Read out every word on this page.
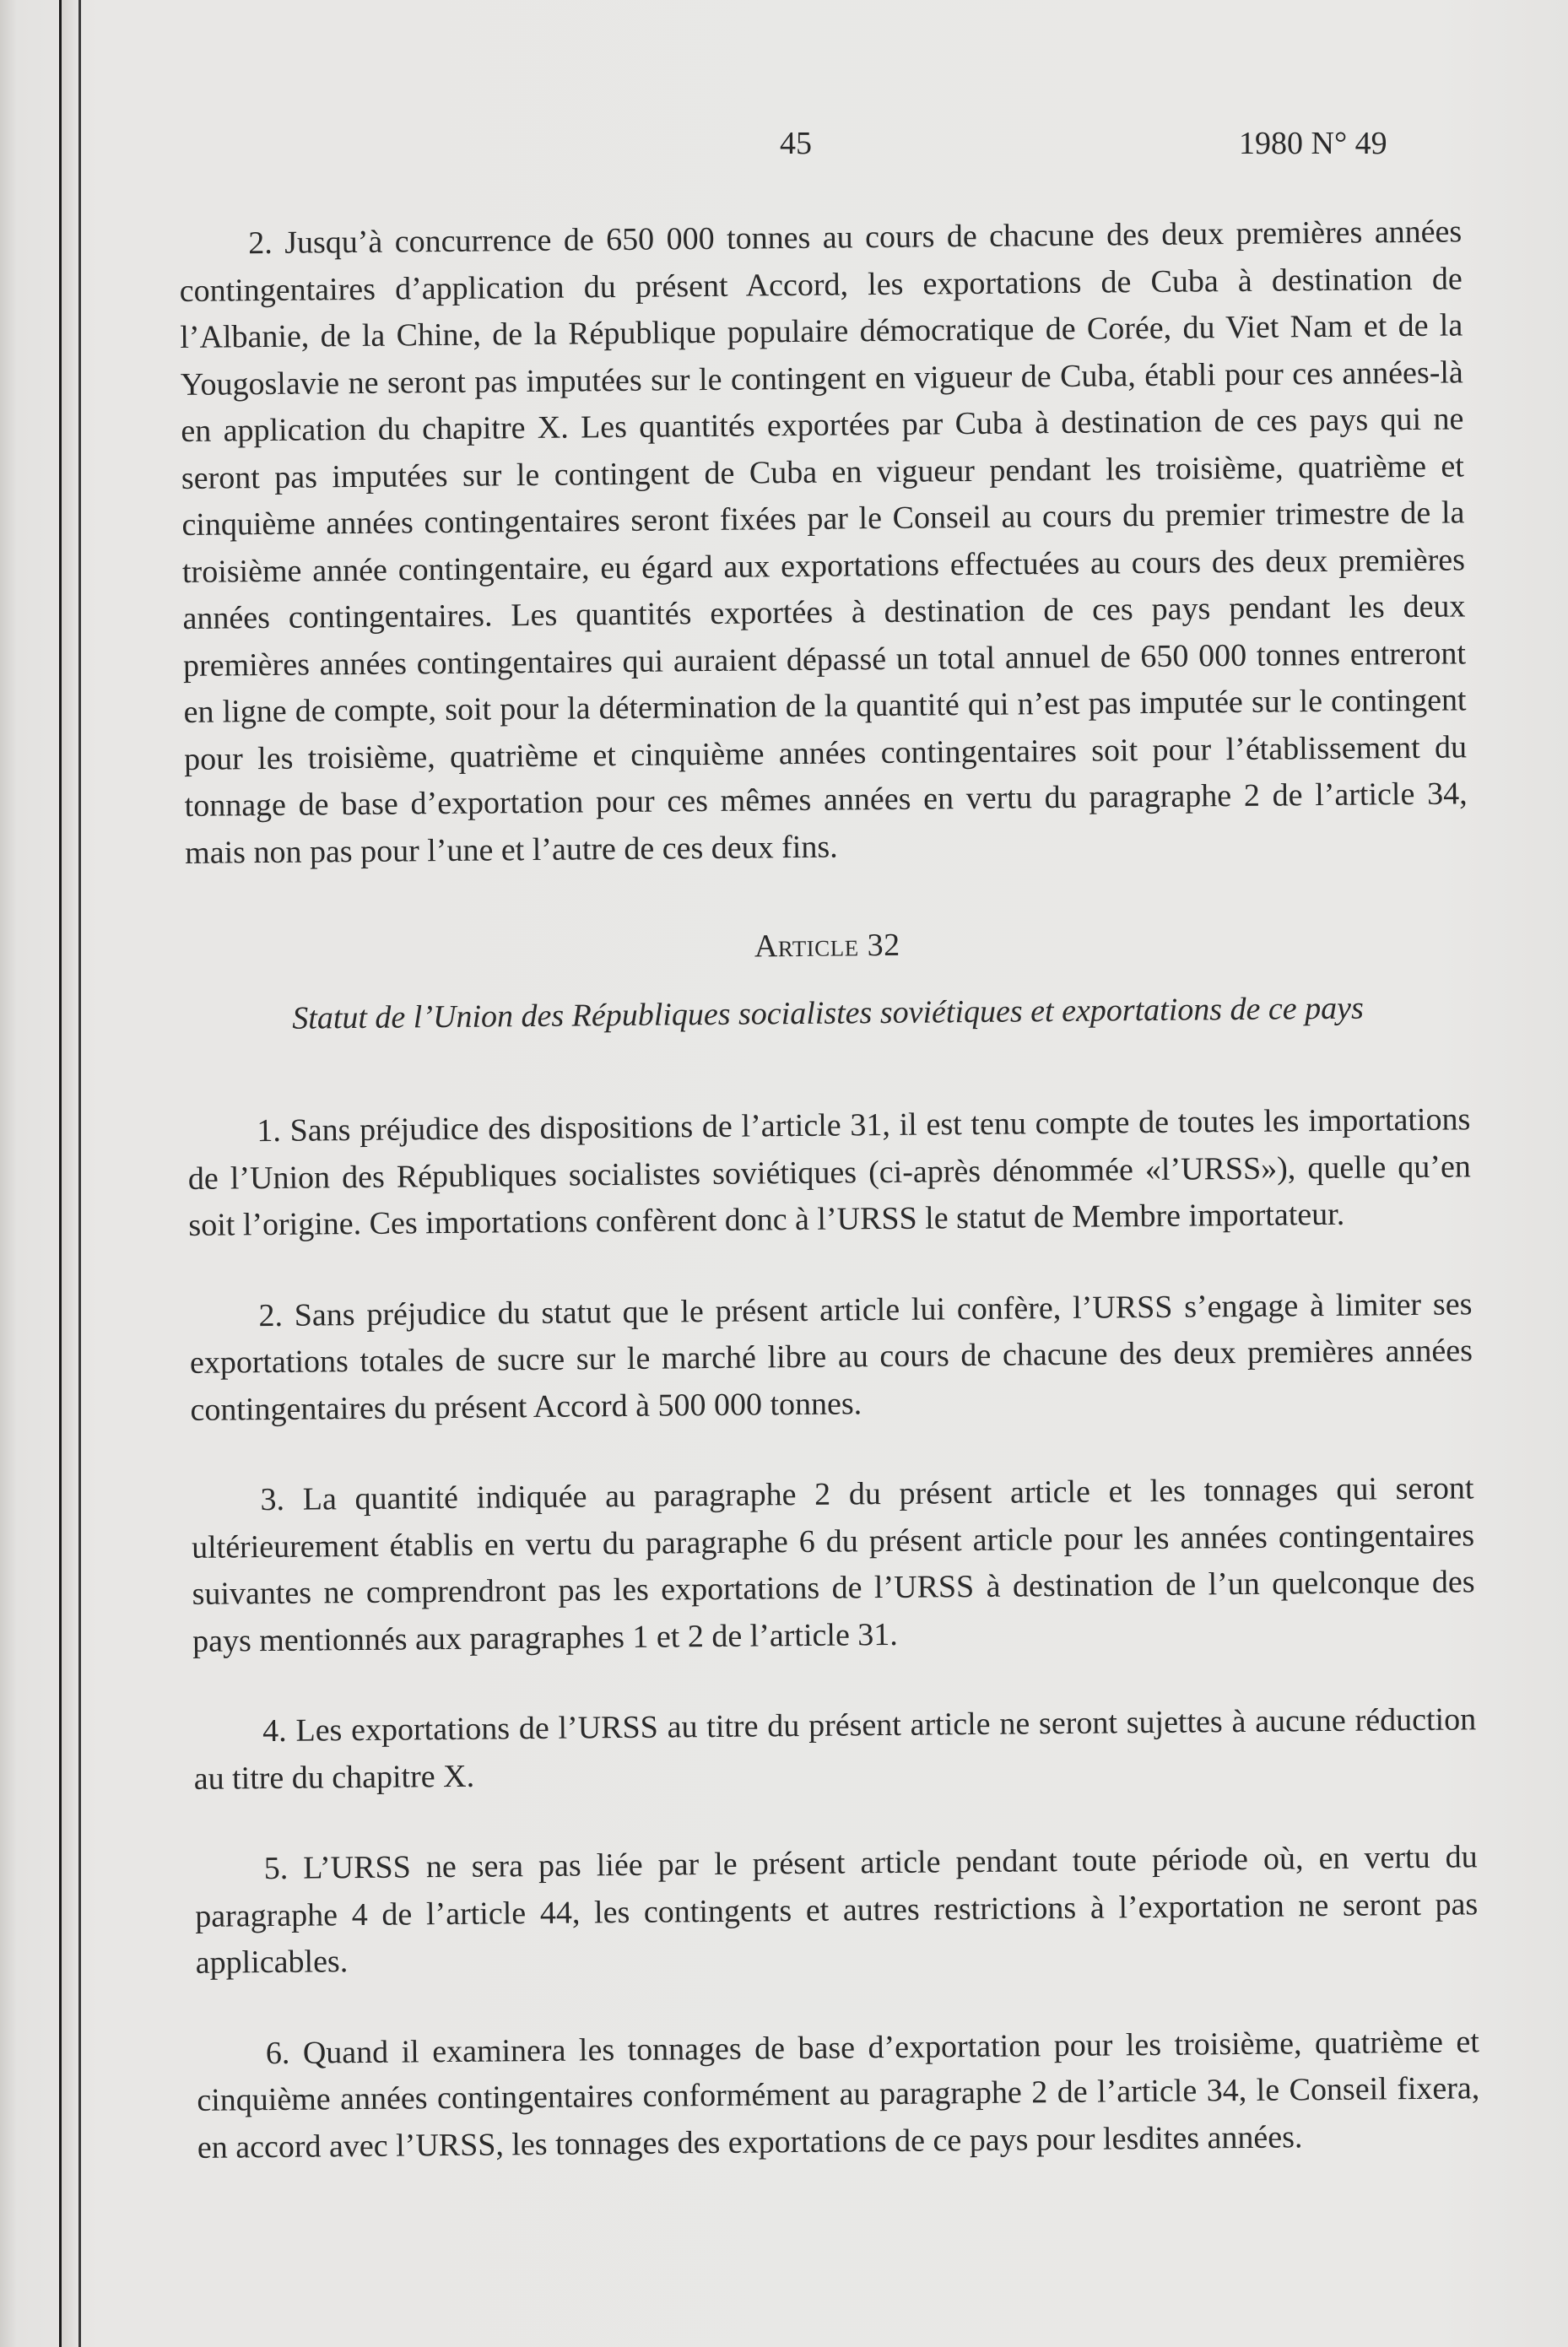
45	1980 N° 49

2. Jusqu’à concurrence de 650 000 tonnes au cours de chacune des deux premières années contingentaires d’application du présent Accord, les exportations de Cuba à destination de l’Albanie, de la Chine, de la République populaire démocratique de Corée, du Viet Nam et de la Yougoslavie ne seront pas imputées sur le contingent en vigueur de Cuba, établi pour ces années-là en application du chapitre X. Les quantités exportées par Cuba à destination de ces pays qui ne seront pas imputées sur le contingent de Cuba en vigueur pendant les troisième, quatrième et cinquième années contingentaires seront fixées par le Conseil au cours du premier trimestre de la troisième année contingentaire, eu égard aux exportations effectuées au cours des deux premières années contingentaires. Les quantités exportées à destination de ces pays pendant les deux premières années contingentaires qui auraient dépassé un total annuel de 650 000 tonnes entreront en ligne de compte, soit pour la détermination de la quantité qui n’est pas imputée sur le contingent pour les troisième, quatrième et cinquième années contingentaires soit pour l’établissement du tonnage de base d’exportation pour ces mêmes années en vertu du paragraphe 2 de l’article 34, mais non pas pour l’une et l’autre de ces deux fins.

Article 32

Statut de l’Union des Républiques socialistes soviétiques et exportations de ce pays

1. Sans préjudice des dispositions de l’article 31, il est tenu compte de toutes les importations de l’Union des Républiques socialistes soviétiques (ci-après dénommée «l’URSS»), quelle qu’en soit l’origine. Ces importations confèrent donc à l’URSS le statut de Membre importateur.

2. Sans préjudice du statut que le présent article lui confère, l’URSS s’engage à limiter ses exportations totales de sucre sur le marché libre au cours de chacune des deux premières années contingentaires du présent Accord à 500 000 tonnes.

3. La quantité indiquée au paragraphe 2 du présent article et les tonnages qui seront ultérieurement établis en vertu du paragraphe 6 du présent article pour les années contingentaires suivantes ne comprendront pas les exportations de l’URSS à destination de l’un quelconque des pays mentionnés aux paragraphes 1 et 2 de l’article 31.

4. Les exportations de l’URSS au titre du présent article ne seront sujettes à aucune réduction au titre du chapitre X.

5. L’URSS ne sera pas liée par le présent article pendant toute période où, en vertu du paragraphe 4 de l’article 44, les contingents et autres restrictions à l’exportation ne seront pas applicables.

6. Quand il examinera les tonnages de base d’exportation pour les troisième, quatrième et cinquième années contingentaires conformément au paragraphe 2 de l’article 34, le Conseil fixera, en accord avec l’URSS, les tonnages des exportations de ce pays pour lesdites années.
